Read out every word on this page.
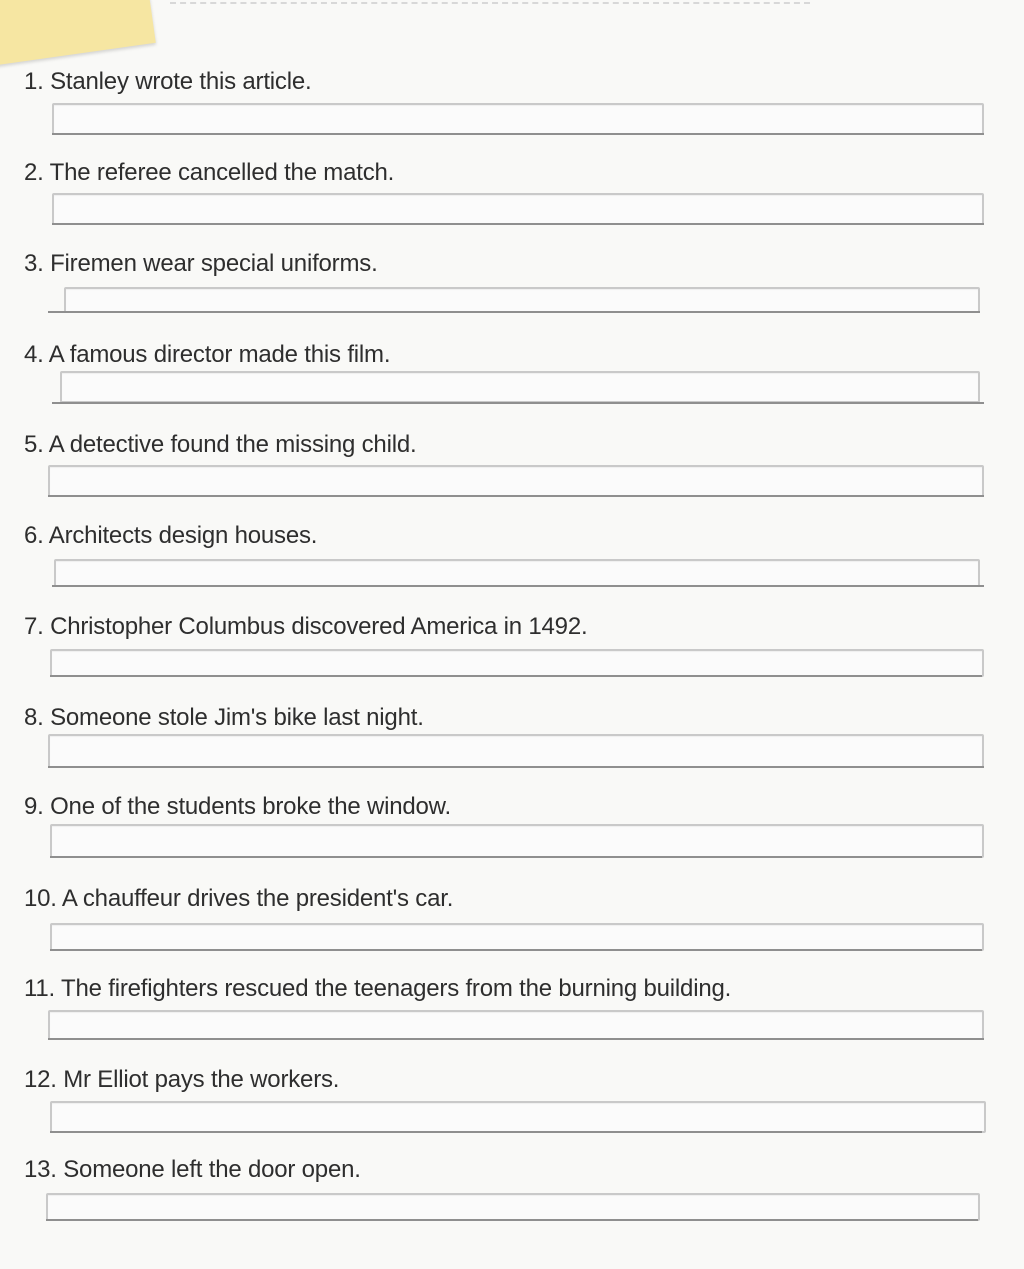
1. Stanley wrote this article.
2. The referee cancelled the match.
3. Firemen wear special uniforms.
4. A famous director made this film.
5. A detective found the missing child.
6. Architects design houses.
7. Christopher Columbus discovered America in 1492.
8. Someone stole Jim's bike last night.
9. One of the students broke the window.
10. A chauffeur drives the president's car.
11. The firefighters rescued the teenagers from the burning building.
12. Mr Elliot pays the workers.
13. Someone left the door open.
